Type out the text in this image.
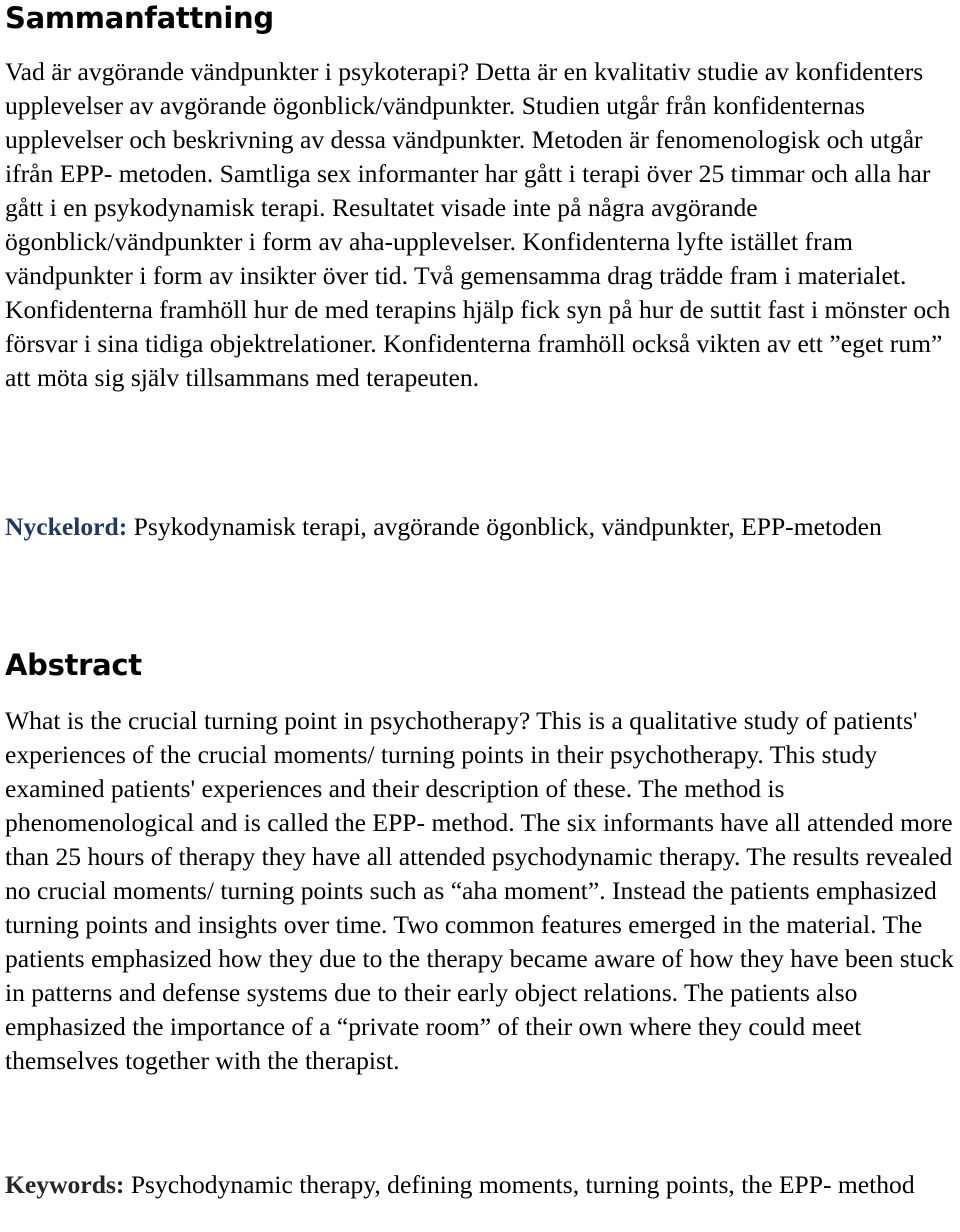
Sammanfattning

Vad är avgörande vändpunkter i psykoterapi? Detta är en kvalitativ studie av konfidenters upplevelser av avgörande ögonblick/vändpunkter. Studien utgår från konfidenternas upplevelser och beskrivning av dessa vändpunkter. Metoden är fenomenologisk och utgår ifrån EPP- metoden. Samtliga sex informanter har gått i terapi över 25 timmar och alla har gått i en psykodynamisk terapi. Resultatet visade inte på några avgörande ögonblick/vändpunkter i form av aha-upplevelser. Konfidenterna lyfte istället fram vändpunkter i form av insikter över tid. Två gemensamma drag trädde fram i materialet. Konfidenterna framhöll hur de med terapins hjälp fick syn på hur de suttit fast i mönster och försvar i sina tidiga objektrelationer. Konfidenterna framhöll också vikten av ett ”eget rum” att möta sig själv tillsammans med terapeuten.

Nyckelord: Psykodynamisk terapi, avgörande ögonblick, vändpunkter, EPP-metoden

Abstract

What is the crucial turning point in psychotherapy? This is a qualitative study of patients' experiences of the crucial moments/ turning points in their psychotherapy. This study examined patients' experiences and their description of these. The method is phenomenological and is called the EPP- method. The six informants have all attended more than 25 hours of therapy they have all attended psychodynamic therapy. The results revealed no crucial moments/ turning points such as “aha moment”. Instead the patients emphasized turning points and insights over time. Two common features emerged in the material. The patients emphasized how they due to the therapy became aware of how they have been stuck in patterns and defense systems due to their early object relations. The patients also emphasized the importance of a “private room” of their own where they could meet themselves together with the therapist.

Keywords: Psychodynamic therapy, defining moments, turning points, the EPP- method
